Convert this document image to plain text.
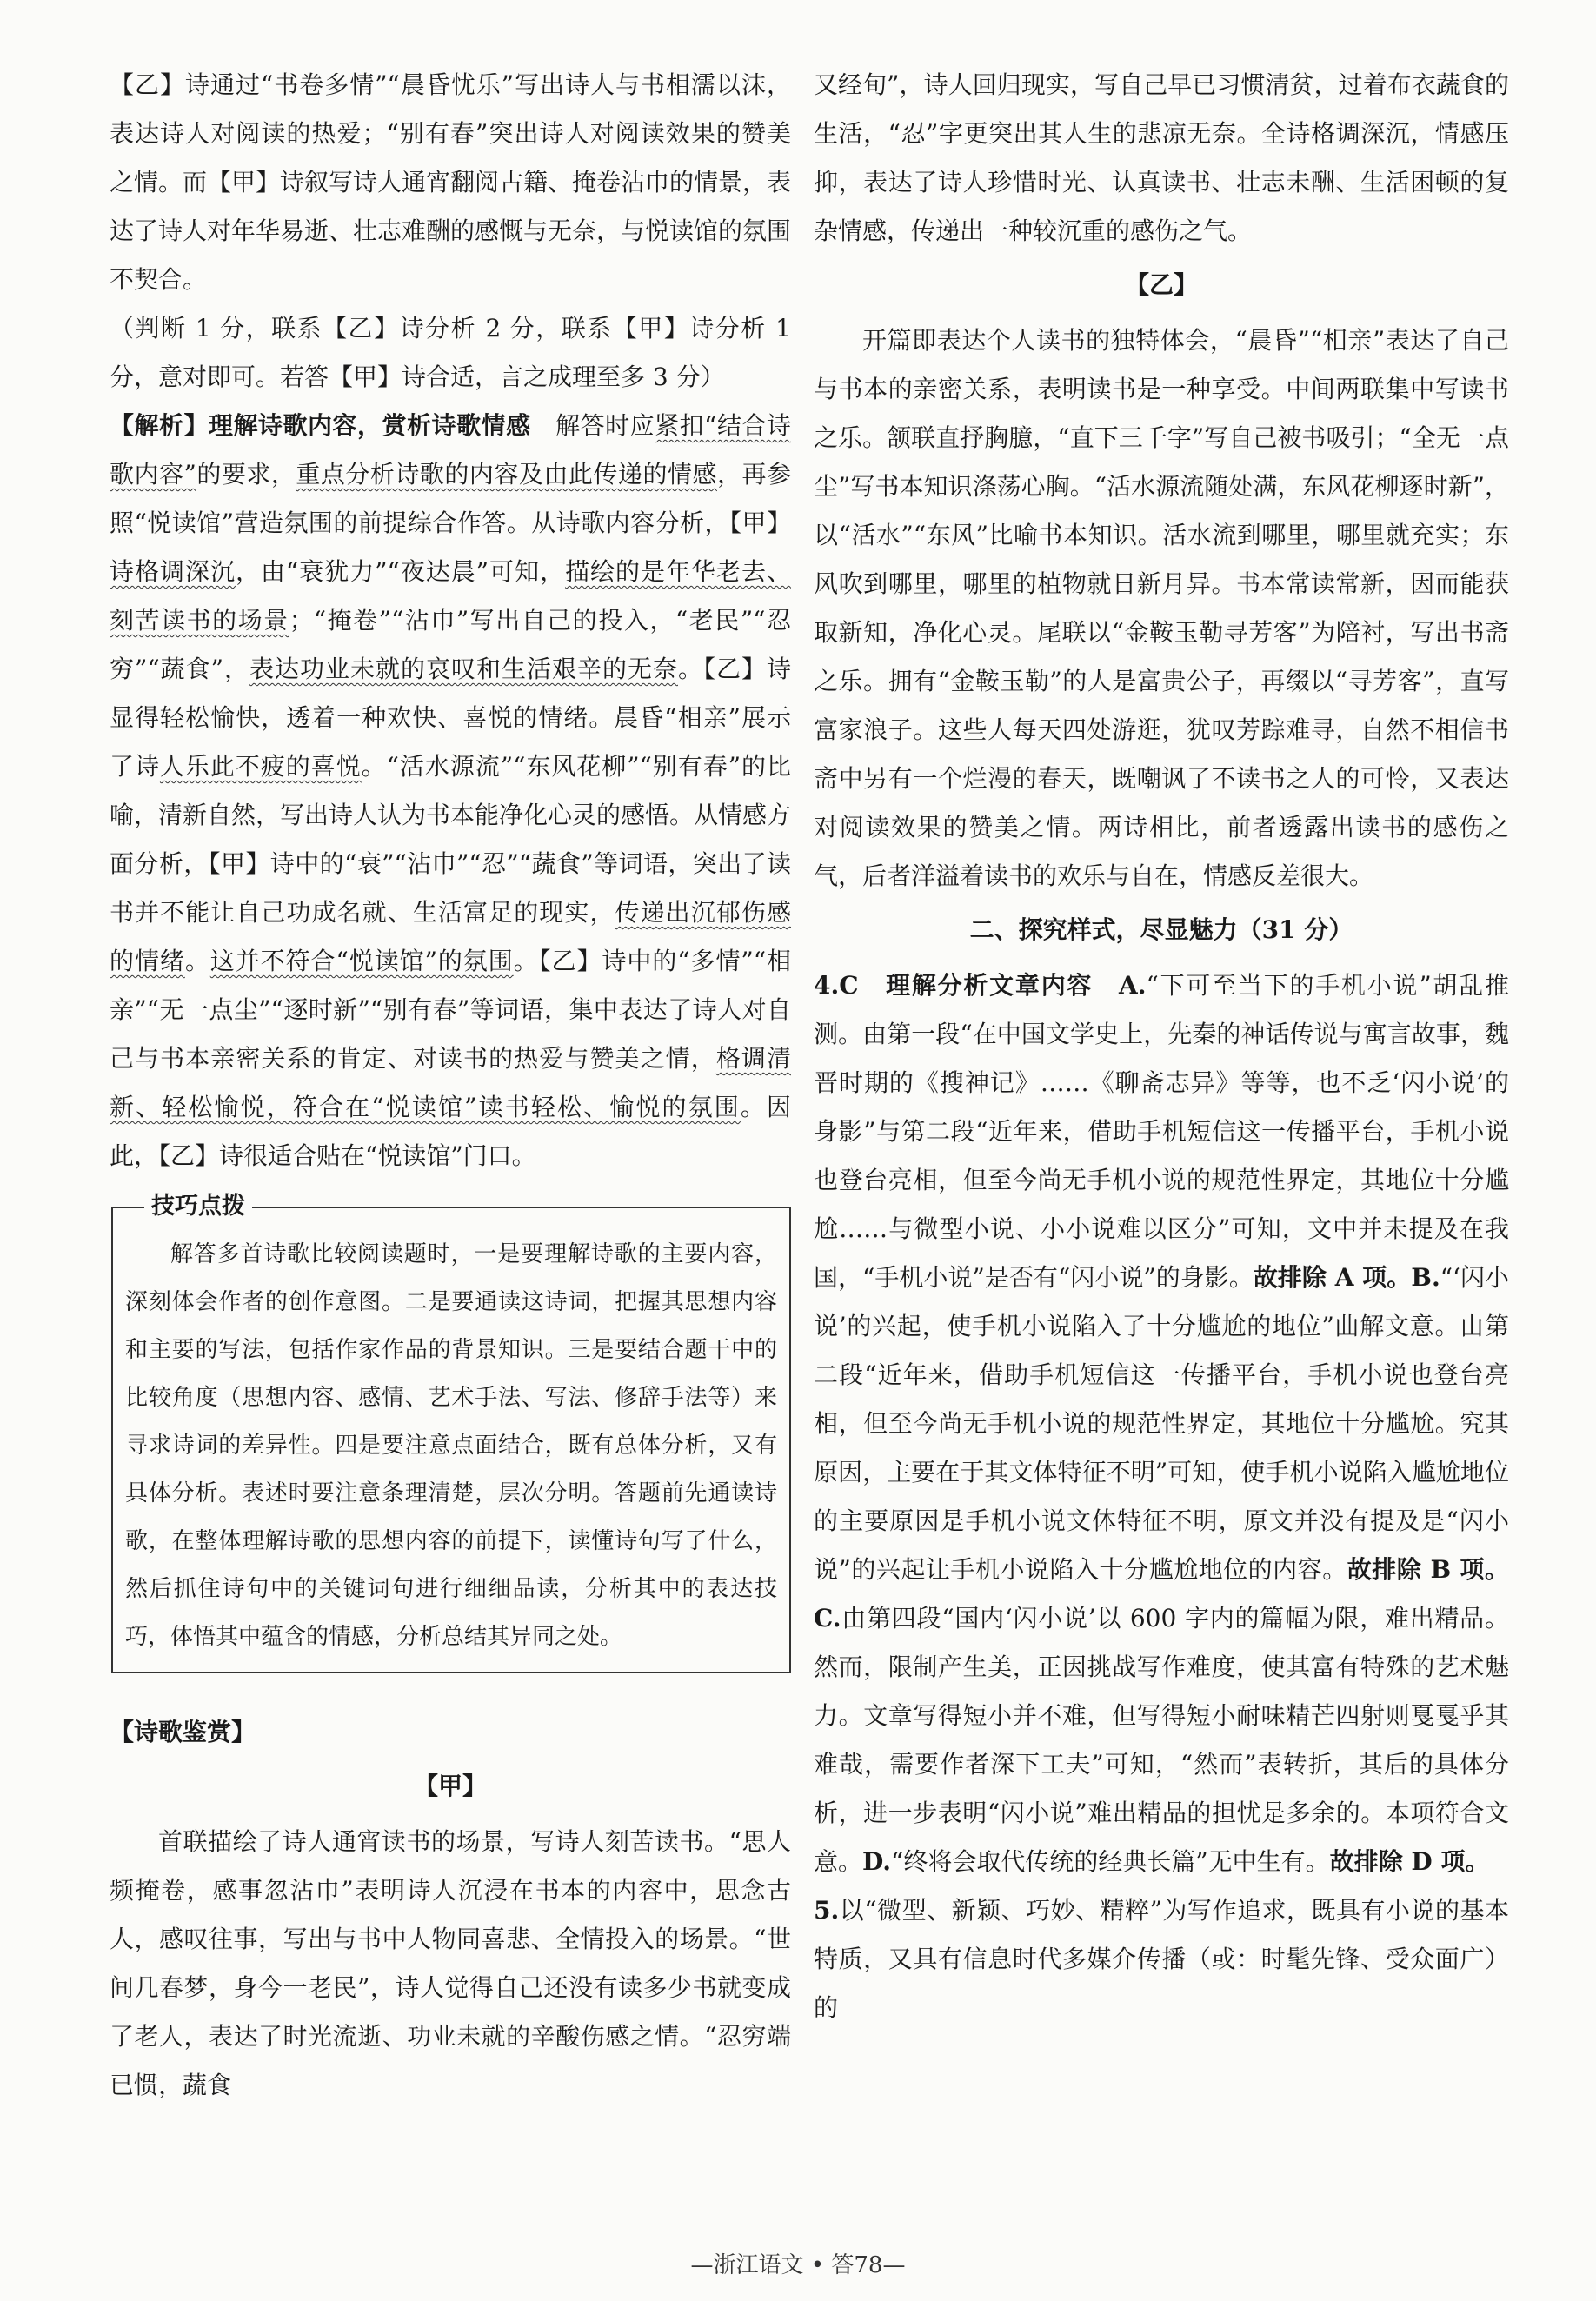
【乙】诗通过“书卷多情”“晨昏忧乐”写出诗人与书相濡以沫，表达诗人对阅读的热爱；“别有春”突出诗人对阅读效果的赞美之情。而【甲】诗叙写诗人通宵翻阅古籍、掩卷沾巾的情景，表达了诗人对年华易逝、壮志难酬的感慨与无奈，与悦读馆的氛围不契合。

（判断 1 分，联系【乙】诗分析 2 分，联系【甲】诗分析 1 分，意对即可。若答【甲】诗合适，言之成理至多 3 分）

【解析】理解诗歌内容，赏析诗歌情感　解答时应紧扣“结合诗歌内容”的要求，重点分析诗歌的内容及由此传递的情感，再参照“悦读馆”营造氛围的前提综合作答。从诗歌内容分析，【甲】诗格调深沉，由“衰犹力”“夜达晨”可知，描绘的是年华老去、刻苦读书的场景；“掩卷”“沾巾”写出自己的投入，“老民”“忍穷”“蔬食”，表达功业未就的哀叹和生活艰辛的无奈。【乙】诗显得轻松愉快，透着一种欢快、喜悦的情绪。晨昏“相亲”展示了诗人乐此不疲的喜悦。“活水源流”“东风花柳”“别有春”的比喻，清新自然，写出诗人认为书本能净化心灵的感悟。从情感方面分析，【甲】诗中的“衰”“沾巾”“忍”“蔬食”等词语，突出了读书并不能让自己功成名就、生活富足的现实，传递出沉郁伤感的情绪。这并不符合“悦读馆”的氛围。【乙】诗中的“多情”“相亲”“无一点尘”“逐时新”“别有春”等词语，集中表达了诗人对自己与书本亲密关系的肯定、对读书的热爱与赞美之情，格调清新、轻松愉悦，符合在“悦读馆”读书轻松、愉悦的氛围。因此，【乙】诗很适合贴在“悦读馆”门口。

技巧点拨

解答多首诗歌比较阅读题时，一是要理解诗歌的主要内容，深刻体会作者的创作意图。二是要通读这诗词，把握其思想内容和主要的写法，包括作家作品的背景知识。三是要结合题干中的比较角度（思想内容、感情、艺术手法、写法、修辞手法等）来寻求诗词的差异性。四是要注意点面结合，既有总体分析，又有具体分析。表述时要注意条理清楚，层次分明。答题前先通读诗歌，在整体理解诗歌的思想内容的前提下，读懂诗句写了什么，然后抓住诗句中的关键词句进行细细品读，分析其中的表达技巧，体悟其中蕴含的情感，分析总结其异同之处。

【诗歌鉴赏】

【甲】

首联描绘了诗人通宵读书的场景，写诗人刻苦读书。“思人频掩卷，感事忽沾巾”表明诗人沉浸在书本的内容中，思念古人，感叹往事，写出与书中人物同喜悲、全情投入的场景。“世间几春梦，身今一老民”，诗人觉得自己还没有读多少书就变成了老人，表达了时光流逝、功业未就的辛酸伤感之情。“忍穷端已惯，蔬食

又经旬”，诗人回归现实，写自己早已习惯清贫，过着布衣蔬食的生活，“忍”字更突出其人生的悲凉无奈。全诗格调深沉，情感压抑，表达了诗人珍惜时光、认真读书、壮志未酬、生活困顿的复杂情感，传递出一种较沉重的感伤之气。

【乙】

开篇即表达个人读书的独特体会，“晨昏”“相亲”表达了自己与书本的亲密关系，表明读书是一种享受。中间两联集中写读书之乐。颔联直抒胸臆，“直下三千字”写自己被书吸引；“全无一点尘”写书本知识涤荡心胸。“活水源流随处满，东风花柳逐时新”，以“活水”“东风”比喻书本知识。活水流到哪里，哪里就充实；东风吹到哪里，哪里的植物就日新月异。书本常读常新，因而能获取新知，净化心灵。尾联以“金鞍玉勒寻芳客”为陪衬，写出书斋之乐。拥有“金鞍玉勒”的人是富贵公子，再缀以“寻芳客”，直写富家浪子。这些人每天四处游逛，犹叹芳踪难寻，自然不相信书斋中另有一个烂漫的春天，既嘲讽了不读书之人的可怜，又表达对阅读效果的赞美之情。两诗相比，前者透露出读书的感伤之气，后者洋溢着读书的欢乐与自在，情感反差很大。

二、探究样式，尽显魅力（31 分）

4.C　 理解分析文章内容　 A.“下可至当下的手机小说”胡乱推测。由第一段“在中国文学史上，先秦的神话传说与寓言故事，魏晋时期的《搜神记》……《聊斋志异》等等，也不乏‘闪小说’的身影”与第二段“近年来，借助手机短信这一传播平台，手机小说也登台亮相，但至今尚无手机小说的规范性界定，其地位十分尴尬……与微型小说、小小说难以区分”可知，文中并未提及在我国，“手机小说”是否有“闪小说”的身影。故排除 A 项。B.“‘闪小说’的兴起，使手机小说陷入了十分尴尬的地位”曲解文意。由第二段“近年来，借助手机短信这一传播平台，手机小说也登台亮相，但至今尚无手机小说的规范性界定，其地位十分尴尬。究其原因，主要在于其文体特征不明”可知，使手机小说陷入尴尬地位的主要原因是手机小说文体特征不明，原文并没有提及是“闪小说”的兴起让手机小说陷入十分尴尬地位的内容。故排除 B 项。C.由第四段“国内‘闪小说’以 600 字内的篇幅为限，难出精品。然而，限制产生美，正因挑战写作难度，使其富有特殊的艺术魅力。文章写得短小并不难，但写得短小耐味精芒四射则戛戛乎其难哉，需要作者深下工夫”可知，“然而”表转折，其后的具体分析，进一步表明“闪小说”难出精品的担忧是多余的。本项符合文意。D.“终将会取代传统的经典长篇”无中生有。故排除 D 项。

5.以“微型、新颖、巧妙、精粹”为写作追求，既具有小说的基本特质，又具有信息时代多媒介传播（或：时髦先锋、受众面广）的

​
—浙江语文 • 答78—
